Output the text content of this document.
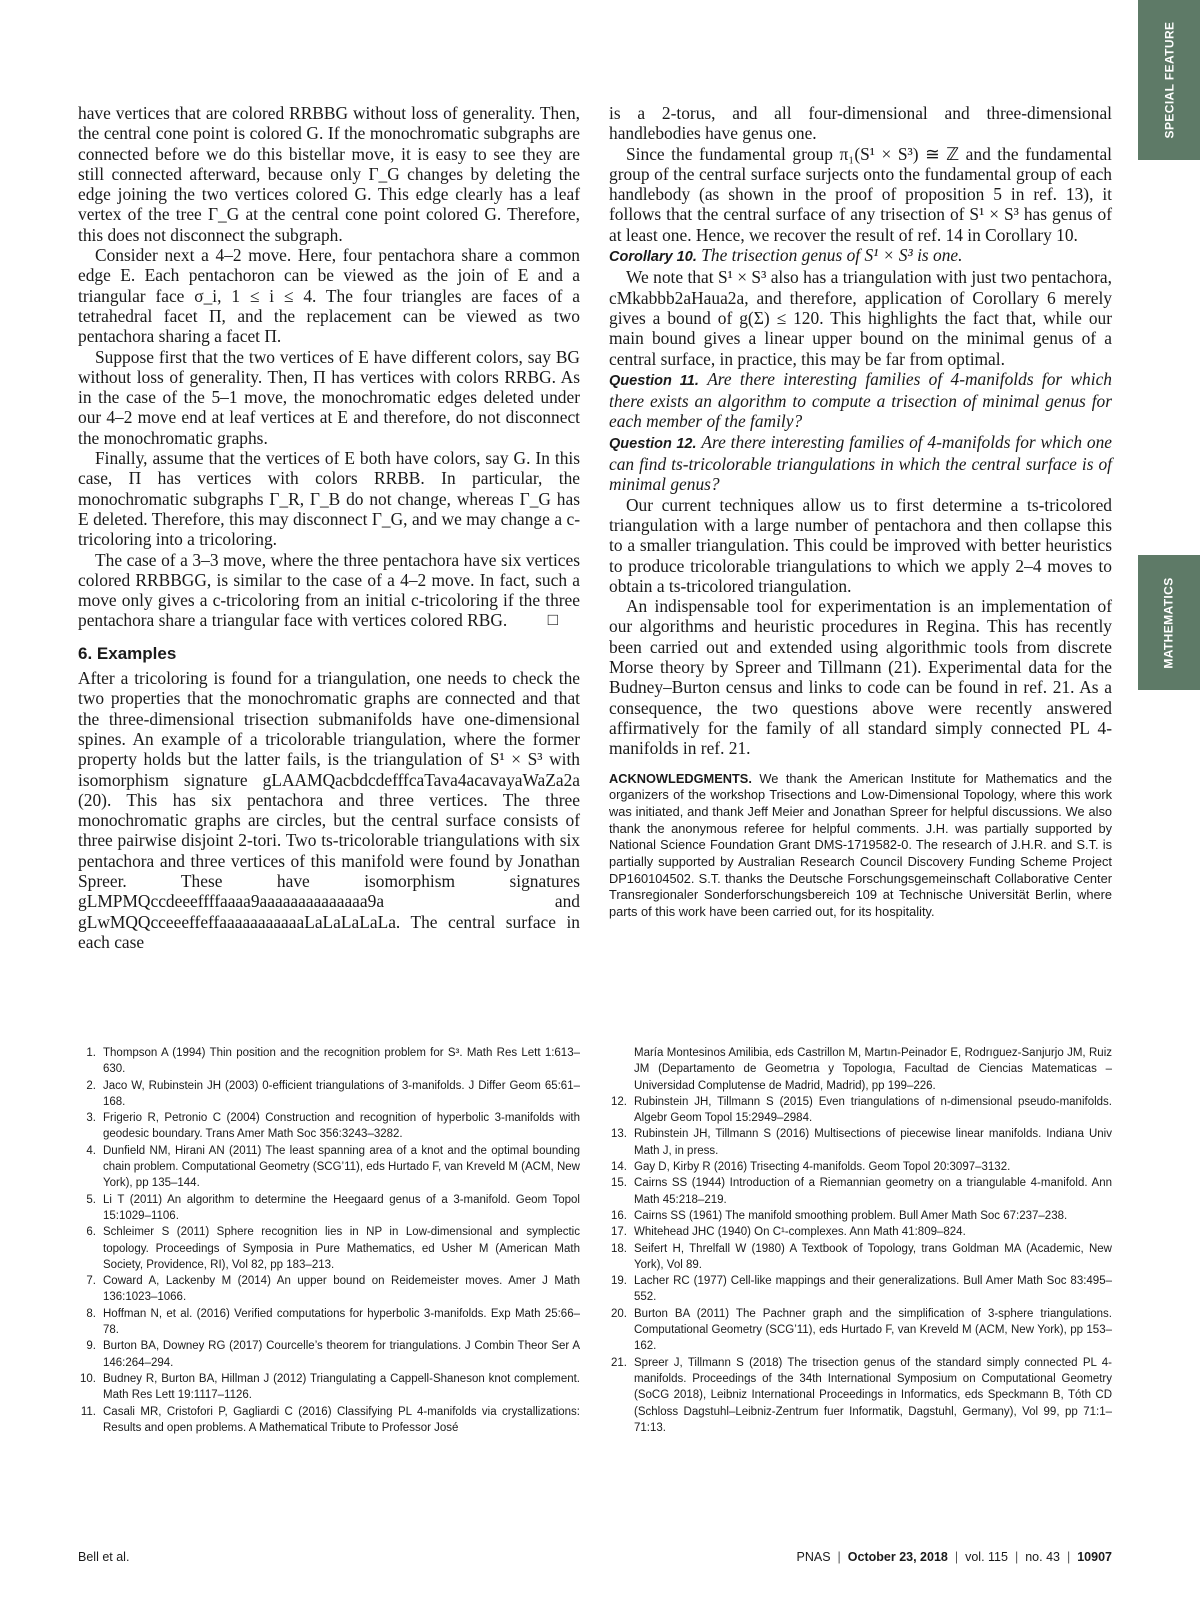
SPECIAL FEATURE
MATHEMATICS

have vertices that are colored RRBBG without loss of generality. Then, the central cone point is colored G. If the monochromatic subgraphs are connected before we do this bistellar move, it is easy to see they are still connected afterward, because only Γ_G changes by deleting the edge joining the two vertices colored G. This edge clearly has a leaf vertex of the tree Γ_G at the central cone point colored G. Therefore, this does not disconnect the subgraph.

Consider next a 4–2 move. Here, four pentachora share a common edge E. Each pentachoron can be viewed as the join of E and a triangular face σ_i, 1 ≤ i ≤ 4. The four triangles are faces of a tetrahedral facet Π, and the replacement can be viewed as two pentachora sharing a facet Π.

Suppose first that the two vertices of E have different colors, say BG without loss of generality. Then, Π has vertices with colors RRBG. As in the case of the 5–1 move, the monochromatic edges deleted under our 4–2 move end at leaf vertices at E and therefore, do not disconnect the monochromatic graphs.

Finally, assume that the vertices of E both have colors, say G. In this case, Π has vertices with colors RRBB. In particular, the monochromatic subgraphs Γ_R, Γ_B do not change, whereas Γ_G has E deleted. Therefore, this may disconnect Γ_G, and we may change a c-tricoloring into a tricoloring.

The case of a 3–3 move, where the three pentachora have six vertices colored RRBBGG, is similar to the case of a 4–2 move. In fact, such a move only gives a c-tricoloring from an initial c-tricoloring if the three pentachora share a triangular face with vertices colored RBG.	□

6. Examples

After a tricoloring is found for a triangulation, one needs to check the two properties that the monochromatic graphs are connected and that the three-dimensional trisection submanifolds have one-dimensional spines. An example of a tricolorable triangulation, where the former property holds but the latter fails, is the triangulation of S¹ × S³ with isomorphism signature gLAAMQacbdcdefffcaTava4acavayaWaZa2a (20). This has six pentachora and three vertices. The three monochromatic graphs are circles, but the central surface consists of three pairwise disjoint 2-tori. Two ts-tricolorable triangulations with six pentachora and three vertices of this manifold were found by Jonathan Spreer. These have isomorphism signatures gLMPMQccdeeeffffaaaa9aaaaaaaaaaaaaa9a and gLwMQQcceeeffeffaaaaaaaaaaaLaLaLaLaLa. The central surface in each case

is a 2-torus, and all four-dimensional and three-dimensional handlebodies have genus one.

Since the fundamental group π₁(S¹ × S³) ≅ ℤ and the fundamental group of the central surface surjects onto the fundamental group of each handlebody (as shown in the proof of proposition 5 in ref. 13), it follows that the central surface of any trisection of S¹ × S³ has genus of at least one. Hence, we recover the result of ref. 14 in Corollary 10.

Corollary 10. The trisection genus of S¹ × S³ is one.

We note that S¹ × S³ also has a triangulation with just two pentachora, cMkabbb2aHaua2a, and therefore, application of Corollary 6 merely gives a bound of g(Σ) ≤ 120. This highlights the fact that, while our main bound gives a linear upper bound on the minimal genus of a central surface, in practice, this may be far from optimal.

Question 11. Are there interesting families of 4-manifolds for which there exists an algorithm to compute a trisection of minimal genus for each member of the family?

Question 12. Are there interesting families of 4-manifolds for which one can find ts-tricolorable triangulations in which the central surface is of minimal genus?

Our current techniques allow us to first determine a ts-tricolored triangulation with a large number of pentachora and then collapse this to a smaller triangulation. This could be improved with better heuristics to produce tricolorable triangulations to which we apply 2–4 moves to obtain a ts-tricolored triangulation.

An indispensable tool for experimentation is an implementation of our algorithms and heuristic procedures in Regina. This has recently been carried out and extended using algorithmic tools from discrete Morse theory by Spreer and Tillmann (21). Experimental data for the Budney–Burton census and links to code can be found in ref. 21. As a consequence, the two questions above were recently answered affirmatively for the family of all standard simply connected PL 4-manifolds in ref. 21.

ACKNOWLEDGMENTS. We thank the American Institute for Mathematics and the organizers of the workshop Trisections and Low-Dimensional Topology, where this work was initiated, and thank Jeff Meier and Jonathan Spreer for helpful discussions. We also thank the anonymous referee for helpful comments. J.H. was partially supported by National Science Foundation Grant DMS-1719582-0. The research of J.H.R. and S.T. is partially supported by Australian Research Council Discovery Funding Scheme Project DP160104502. S.T. thanks the Deutsche Forschungsgemeinschaft Collaborative Center Transregionaler Sonderforschungsbereich 109 at Technische Universität Berlin, where parts of this work have been carried out, for its hospitality.

1. Thompson A (1994) Thin position and the recognition problem for S³. Math Res Lett 1:613–630.
2. Jaco W, Rubinstein JH (2003) 0-efficient triangulations of 3-manifolds. J Differ Geom 65:61–168.
3. Frigerio R, Petronio C (2004) Construction and recognition of hyperbolic 3-manifolds with geodesic boundary. Trans Amer Math Soc 356:3243–3282.
4. Dunfield NM, Hirani AN (2011) The least spanning area of a knot and the optimal bounding chain problem. Computational Geometry (SCG’11), eds Hurtado F, van Kreveld M (ACM, New York), pp 135–144.
5. Li T (2011) An algorithm to determine the Heegaard genus of a 3-manifold. Geom Topol 15:1029–1106.
6. Schleimer S (2011) Sphere recognition lies in NP in Low-dimensional and symplectic topology. Proceedings of Symposia in Pure Mathematics, ed Usher M (American Math Society, Providence, RI), Vol 82, pp 183–213.
7. Coward A, Lackenby M (2014) An upper bound on Reidemeister moves. Amer J Math 136:1023–1066.
8. Hoffman N, et al. (2016) Verified computations for hyperbolic 3-manifolds. Exp Math 25:66–78.
9. Burton BA, Downey RG (2017) Courcelle’s theorem for triangulations. J Combin Theor Ser A 146:264–294.
10. Budney R, Burton BA, Hillman J (2012) Triangulating a Cappell-Shaneson knot complement. Math Res Lett 19:1117–1126.
11. Casali MR, Cristofori P, Gagliardi C (2016) Classifying PL 4-manifolds via crystallizations: Results and open problems. A Mathematical Tribute to Professor José
María Montesinos Amilibia, eds Castrillon M, Martın-Peinador E, Rodrıguez-Sanjurjo JM, Ruiz JM (Departamento de Geometrıa y Topologıa, Facultad de Ciencias Matematicas – Universidad Complutense de Madrid, Madrid), pp 199–226.
12. Rubinstein JH, Tillmann S (2015) Even triangulations of n-dimensional pseudo-manifolds. Algebr Geom Topol 15:2949–2984.
13. Rubinstein JH, Tillmann S (2016) Multisections of piecewise linear manifolds. Indiana Univ Math J, in press.
14. Gay D, Kirby R (2016) Trisecting 4-manifolds. Geom Topol 20:3097–3132.
15. Cairns SS (1944) Introduction of a Riemannian geometry on a triangulable 4-manifold. Ann Math 45:218–219.
16. Cairns SS (1961) The manifold smoothing problem. Bull Amer Math Soc 67:237–238.
17. Whitehead JHC (1940) On C¹-complexes. Ann Math 41:809–824.
18. Seifert H, Threlfall W (1980) A Textbook of Topology, trans Goldman MA (Academic, New York), Vol 89.
19. Lacher RC (1977) Cell-like mappings and their generalizations. Bull Amer Math Soc 83:495–552.
20. Burton BA (2011) The Pachner graph and the simplification of 3-sphere triangulations. Computational Geometry (SCG’11), eds Hurtado F, van Kreveld M (ACM, New York), pp 153–162.
21. Spreer J, Tillmann S (2018) The trisection genus of the standard simply connected PL 4-manifolds. Proceedings of the 34th International Symposium on Computational Geometry (SoCG 2018), Leibniz International Proceedings in Informatics, eds Speckmann B, Tóth CD (Schloss Dagstuhl–Leibniz-Zentrum fuer Informatik, Dagstuhl, Germany), Vol 99, pp 71:1–71:13.
Bell et al.	PNAS | October 23, 2018 | vol. 115 | no. 43 | 10907
